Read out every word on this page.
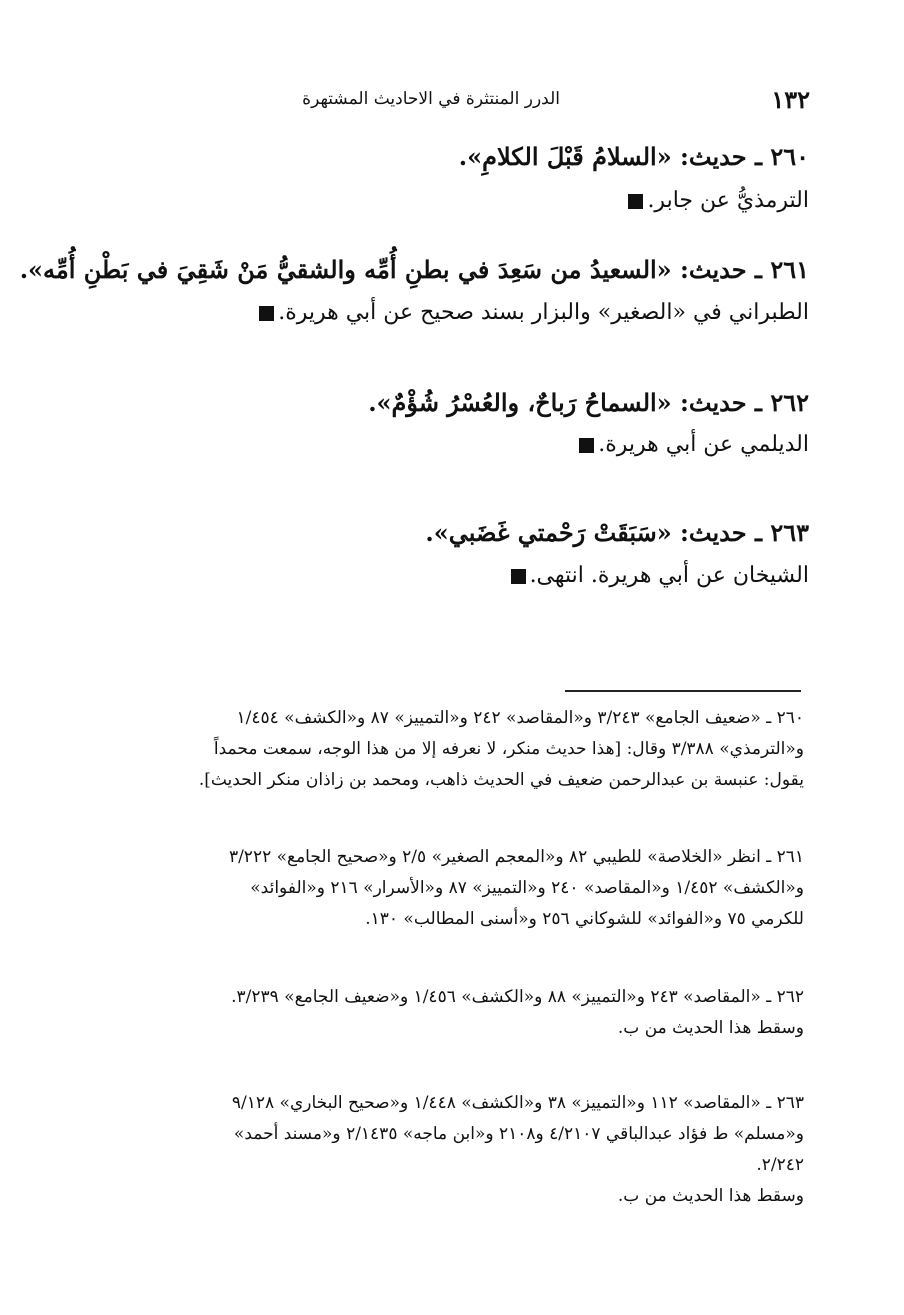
١٣٢
الدرر المنتثرة في الاحاديث المشتهرة
٢٦٠ ـ حديث: «السلامُ قَبْلَ الكلامِ».
الترمذيُّ عن جابر.
٢٦١ ـ حديث: «السعيدُ من سَعِدَ في بطنِ أُمِّه والشقيُّ مَنْ شَقِيَ في بَطْنِ أُمِّه».
الطبراني في «الصغير» والبزار بسند صحيح عن أبي هريرة.
٢٦٢ ـ حديث: «السماحُ رَباحٌ، والعُسْرُ شُؤْمٌ».
الديلمي عن أبي هريرة.
٢٦٣ ـ حديث: «سَبَقَتْ رَحْمتي غَضَبي».
الشيخان عن أبي هريرة. انتهى.
٢٦٠ ـ «ضعيف الجامع» ٣/٢٤٣ و«المقاصد» ٢٤٢ و«التمييز» ٨٧ و«الكشف» ١/٤٥٤
و«الترمذي» ٣/٣٨٨ وقال: [هذا حديث منكر، لا نعرفه إلا من هذا الوجه، سمعت محمداً
يقول: عنبسة بن عبدالرحمن ضعيف في الحديث ذاهب، ومحمد بن زاذان منكر الحديث].
٢٦١ ـ انظر «الخلاصة» للطيبي ٨٢ و«المعجم الصغير» ٢/٥ و«صحيح الجامع» ٣/٢٢٢
و«الكشف» ١/٤٥٢ و«المقاصد» ٢٤٠ و«التمييز» ٨٧ و«الأسرار» ٢١٦ و«الفوائد»
للكرمي ٧٥ و«الفوائد» للشوكاني ٢٥٦ و«أسنى المطالب» ١٣٠.
٢٦٢ ـ «المقاصد» ٢٤٣ و«التمييز» ٨٨ و«الكشف» ١/٤٥٦ و«ضعيف الجامع» ٣/٢٣٩.
وسقط هذا الحديث من ب.
٢٦٣ ـ «المقاصد» ١١٢ و«التمييز» ٣٨ و«الكشف» ١/٤٤٨ و«صحيح البخاري» ٩/١٢٨
و«مسلم» ط فؤاد عبدالباقي ٤/٢١٠٧ و٢١٠٨ و«ابن ماجه» ٢/١٤٣٥ و«مسند أحمد»
٢/٢٤٢.
وسقط هذا الحديث من ب.
